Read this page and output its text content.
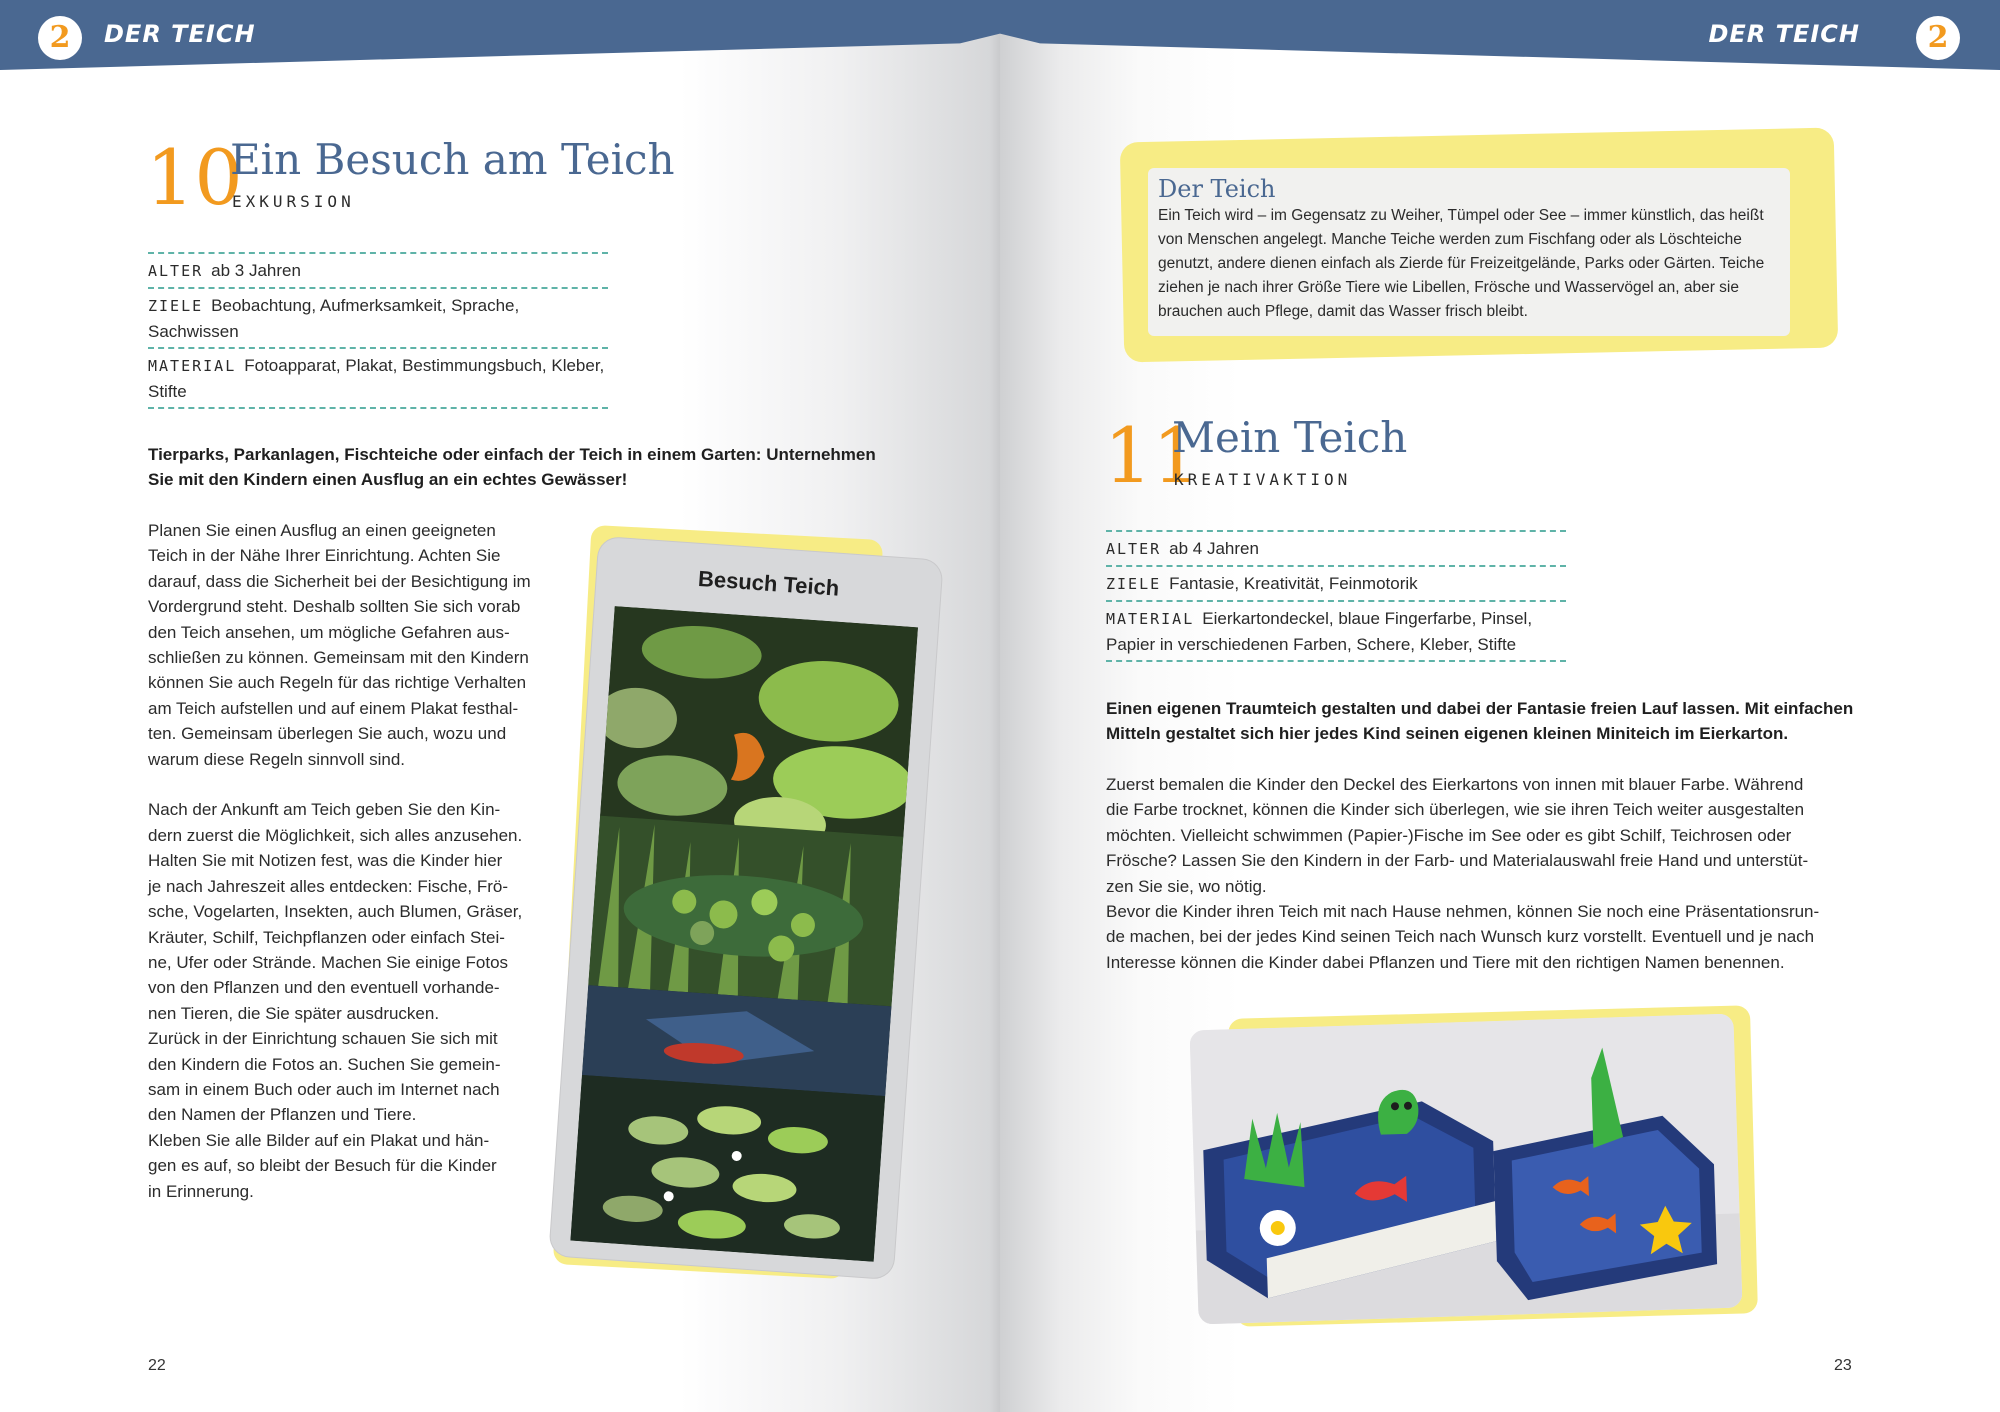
2	DER TEICH	DER TEICH	2
10
Ein Besuch am Teich
EXKURSION
ALTER ab 3 Jahren
ZIELE Beobachtung, Aufmerksamkeit, Sprache, Sachwissen
MATERIAL Fotoapparat, Plakat, Bestimmungsbuch, Kleber, Stifte
Tierparks, Parkanlagen, Fischteiche oder einfach der Teich in einem Garten: Unternehmen Sie mit den Kindern einen Ausflug an ein echtes Gewässer!
Planen Sie einen Ausflug an einen geeigneten
Teich in der Nähe Ihrer Einrichtung. Achten Sie
darauf, dass die Sicherheit bei der Besichtigung im
Vordergrund steht. Deshalb sollten Sie sich vorab
den Teich ansehen, um mögliche Gefahren aus-
schließen zu können. Gemeinsam mit den Kindern
können Sie auch Regeln für das richtige Verhalten
am Teich aufstellen und auf einem Plakat festhal-
ten. Gemeinsam überlegen Sie auch, wozu und
warum diese Regeln sinnvoll sind.

Nach der Ankunft am Teich geben Sie den Kin-
dern zuerst die Möglichkeit, sich alles anzusehen.
Halten Sie mit Notizen fest, was die Kinder hier
je nach Jahreszeit alles entdecken: Fische, Frö-
sche, Vogelarten, Insekten, auch Blumen, Gräser,
Kräuter, Schilf, Teichpflanzen oder einfach Stei-
ne, Ufer oder Strände. Machen Sie einige Fotos
von den Pflanzen und den eventuell vorhande-
nen Tieren, die Sie später ausdrucken.
Zurück in der Einrichtung schauen Sie sich mit
den Kindern die Fotos an. Suchen Sie gemein-
sam in einem Buch oder auch im Internet nach
den Namen der Pflanzen und Tiere.
Kleben Sie alle Bilder auf ein Plakat und hän-
gen es auf, so bleibt der Besuch für die Kinder
in Erinnerung.
Besuch Teich
22
Der Teich
Ein Teich wird – im Gegensatz zu Weiher, Tümpel oder See – immer künstlich, das heißt von Menschen angelegt. Manche Teiche werden zum Fischfang oder als Löschteiche genutzt, andere dienen einfach als Zierde für Freizeitgelände, Parks oder Gärten. Teiche ziehen je nach ihrer Größe Tiere wie Libellen, Frösche und Wasservögel an, aber sie brauchen auch Pflege, damit das Wasser frisch bleibt.
11
Mein Teich
KREATIVAKTION
ALTER ab 4 Jahren
ZIELE Fantasie, Kreativität, Feinmotorik
MATERIAL Eierkartondeckel, blaue Fingerfarbe, Pinsel, Papier in verschiedenen Farben, Schere, Kleber, Stifte
Einen eigenen Traumteich gestalten und dabei der Fantasie freien Lauf lassen. Mit einfachen Mitteln gestaltet sich hier jedes Kind seinen eigenen kleinen Miniteich im Eierkarton.
Zuerst bemalen die Kinder den Deckel des Eierkartons von innen mit blauer Farbe. Während
die Farbe trocknet, können die Kinder sich überlegen, wie sie ihren Teich weiter ausgestalten
möchten. Vielleicht schwimmen (Papier-)Fische im See oder es gibt Schilf, Teichrosen oder
Frösche? Lassen Sie den Kindern in der Farb- und Materialauswahl freie Hand und unterstüt-
zen Sie sie, wo nötig.
Bevor die Kinder ihren Teich mit nach Hause nehmen, können Sie noch eine Präsentationsrun-
de machen, bei der jedes Kind seinen Teich nach Wunsch kurz vorstellt. Eventuell und je nach
Interesse können die Kinder dabei Pflanzen und Tiere mit den richtigen Namen benennen.
23
